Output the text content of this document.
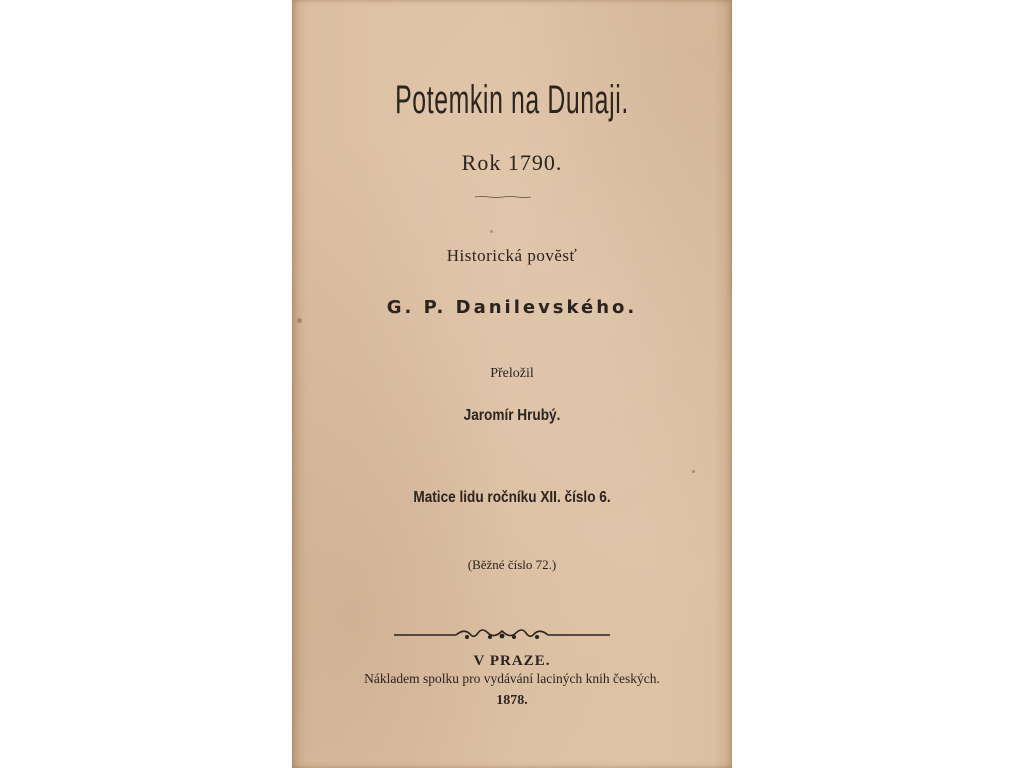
Potemkin na Dunaji.
Rok 1790.
Historická povĕsť
G. P. Danilevského.
Přeložil
Jaromír Hrubý.
Matice lidu ročníku XII. číslo 6.
(Běžné číslo 72.)
V PRAZE.
Nákladem spolku pro vydávání laciných knih českých.
1878.
